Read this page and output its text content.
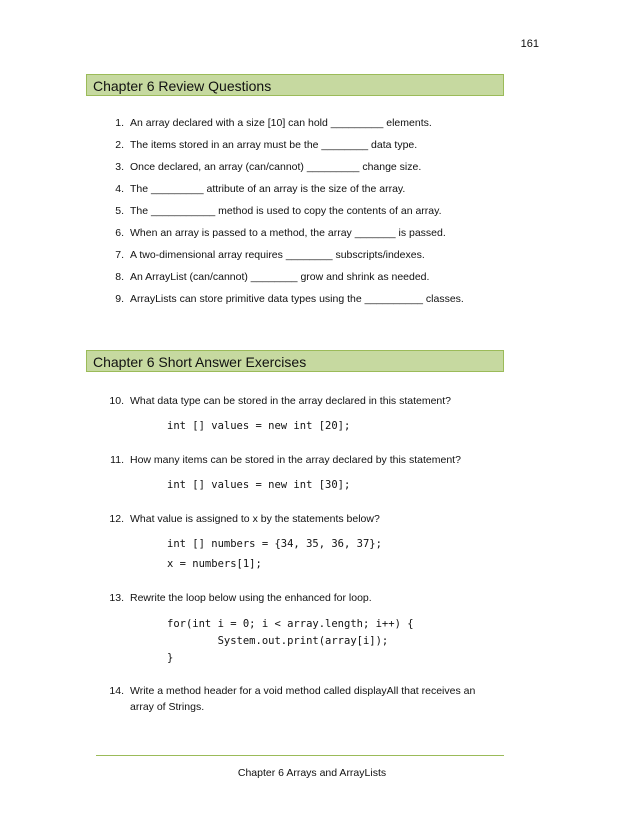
161
Chapter 6 Review Questions
1. An array declared with a size [10] can hold _________ elements.
2. The items stored in an array must be the ________ data type.
3. Once declared, an array (can/cannot) _________ change size.
4. The _________ attribute of an array is the size of the array.
5. The ___________ method is used to copy the contents of an array.
6. When an array is passed to a method, the array _______ is passed.
7. A two-dimensional array requires ________ subscripts/indexes.
8. An ArrayList (can/cannot) ________ grow and shrink as needed.
9. ArrayLists can store primitive data types using the __________ classes.
Chapter 6 Short Answer Exercises
10. What data type can be stored in the array declared in this statement?
int [] values = new int [20];
11. How many items can be stored in the array declared by this statement?
int [] values = new int [30];
12. What value is assigned to x by the statements below?
int [] numbers = {34, 35, 36, 37};
x = numbers[1];
13. Rewrite the loop below using the enhanced for loop.
for(int i = 0; i < array.length; i++) {
System.out.print(array[i]);
}
14. Write a method header for a void method called displayAll that receives an
array of Strings.
Chapter 6 Arrays and ArrayLists
